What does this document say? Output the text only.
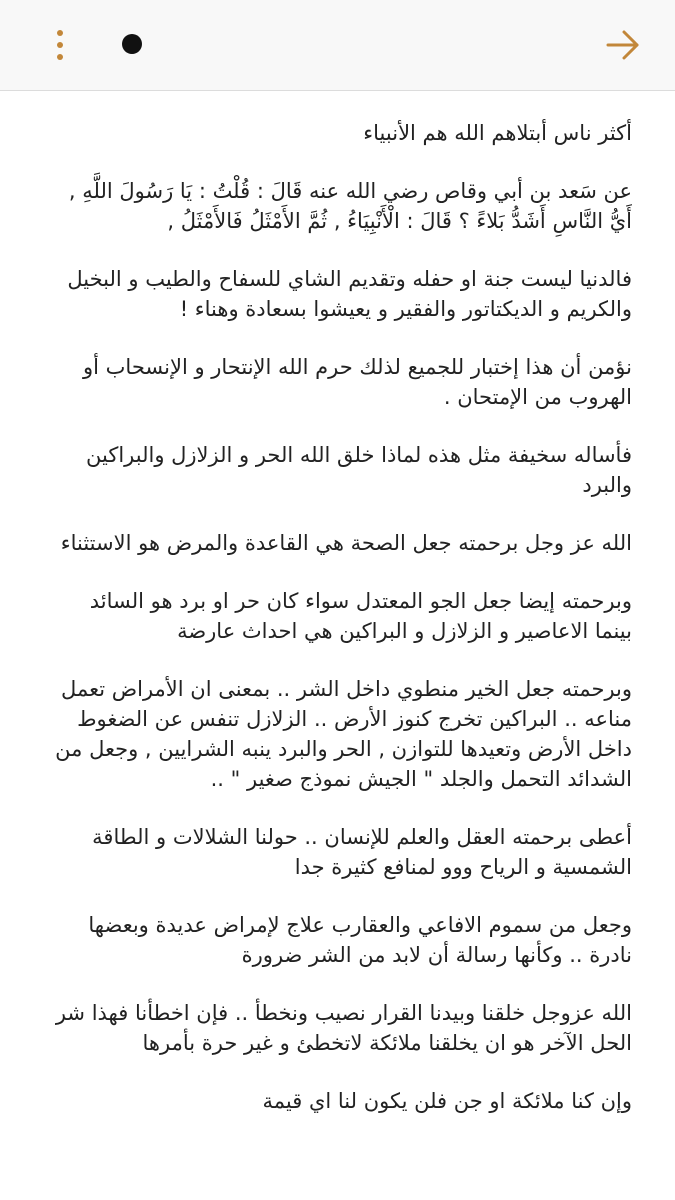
أكثر ناس أبتلاهم الله هم الأنبياء

عن سَعد بن أبي وقاص رضي الله عنه قَالَ : قُلْتُ : يَا رَسُولَ اللَّهِ ,
أَيُّ النَّاسِ أَشَدُّ بَلاءً ؟ قَالَ : الْأَنْبِيَاءُ , ثُمَّ الأَمْثَلُ فَالأَمْثَلُ ,

فالدنيا ليست جنة او حفله وتقديم الشاي للسفاح والطيب و البخيل والكريم و الديكتاتور والفقير و يعيشوا بسعادة وهناء !

نؤمن أن هذا إختبار للجميع لذلك حرم الله الإنتحار و الإنسحاب أو الهروب من الإمتحان .

فأساله سخيفة مثل هذه لماذا خلق الله الحر و الزلازل والبراكين والبرد

الله عز وجل برحمته جعل الصحة هي القاعدة والمرض هو الاستثناء

وبرحمته إيضا جعل الجو المعتدل سواء كان حر او برد هو السائد بينما الاعاصير و الزلازل و البراكين هي احداث عارضة

وبرحمته جعل الخير منطوي داخل الشر .. بمعنى ان الأمراض تعمل مناعه .. البراكين تخرج كنوز الأرض .. الزلازل تنفس عن الضغوط داخل الأرض وتعيدها للتوازن , الحر والبرد ينبه الشرايين , وجعل من الشدائد التحمل والجلد " الجيش نموذج صغير " ..

أعطى برحمته العقل والعلم للإنسان .. حولنا الشلالات و الطاقة الشمسية و الرياح ووو لمنافع كثيرة جدا

وجعل من سموم الافاعي والعقارب علاج لإمراض عديدة وبعضها نادرة .. وكأنها رسالة أن لابد من الشر ضرورة

الله عزوجل خلقنا وبيدنا القرار نصيب ونخطأ .. فإن اخطأنا فهذا شر
الحل الآخر هو ان يخلقنا ملائكة لاتخطئ و غير حرة بأمرها

وإن كنا ملائكة او جن فلن يكون لنا اي قيمة
